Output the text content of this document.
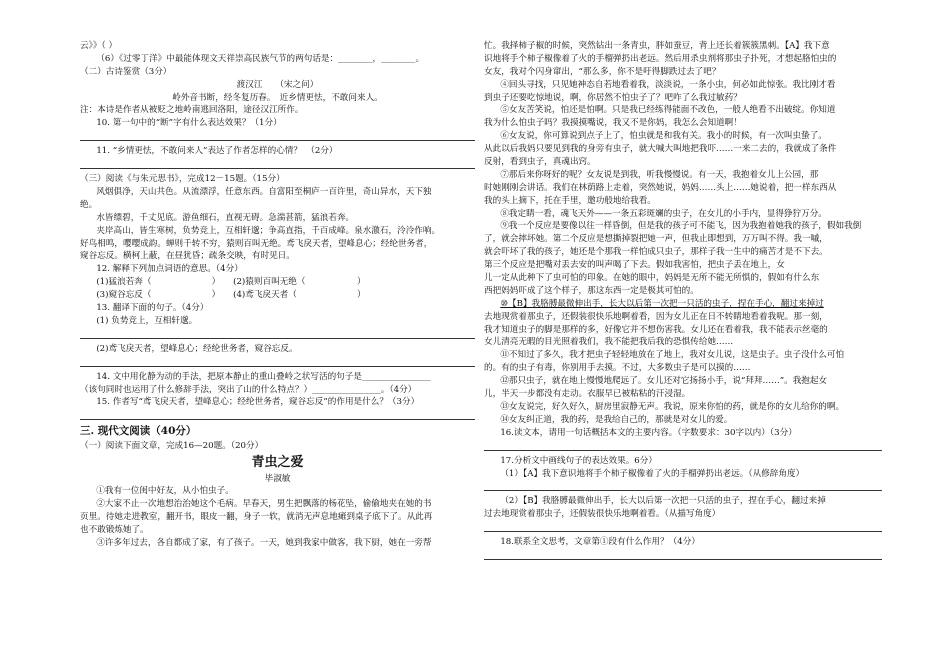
云》》（ ）

（6）《过零丁洋》中最能体现文天祥崇高民族气节的两句话是：________，________。

（二）古诗鉴赏（3分）

渡汉江　　（宋之问）

岭外音书断，经冬复历春。　近乡情更怯，不敢问来人。

注：本诗是作者从被贬之地岭南逃回洛阳，途径汉江所作。

10. 第一句中的“断”字有什么表达效果？（1分）

11. “乡情更怯，不敢问来人”表达了作者怎样的心情？　（2分）

（三）阅读《与朱元思书》，完成12－15题。（15分）

风烟俱净，天山共色。从流漂浮，任意东西。自富阳至桐庐一百许里，奇山异水，天下独

绝。

水皆缥碧，千丈见底。游鱼细石，直视无碍。急湍甚箭，猛浪若奔。

夹岸高山，皆生寒树，负势竞上，互相轩邈；争高直指，千百成峰。泉水激石，泠泠作响。

好鸟相鸣，嘤嘤成韵。蝉则千转不穷，猿则百叫无绝。鸢飞戾天者，望峰息心；经纶世务者，

窥谷忘反。横柯上蔽，在昼犹昏；疏条交映，有时见日。

12. 解释下列加点词语的意思。（4分）

(1)猛浪若奔（　　　　　　　）　　(2)猿则百叫无绝（　　　　　　）

(3)窥谷忘反（　　　　　　　）　　(4)鸢飞戾天者（　　　　　　　）

13. 翻译下面的句子。（4分）

(1) 负势竞上，互相轩邈。

(2)鸢飞戾天者，望峰息心；经纶世务者，窥谷忘反。

14. 文中用化静为动的手法，把原本静止的重山叠岭之状写活的句子是________________

（该句同时也运用了什么修辞手法，突出了山的什么特点？）________________。（4分）

15. 作者写“鸢飞戾天者，望峰息心；经纶世务者，窥谷忘反”的作用是什么？（3分）

三. 现代文阅读（40分）

（一）阅读下面文章，完成16—20题。（20分）

青虫之爱

毕淑敏

①我有一位闺中好友，从小怕虫子。

②大家不止一次地想治治她这个毛病。早春天，男生把飘落的杨花坠，偷偷地夹在她的书

页里。待她走进教室，翻开书，眼皮一翻，身子一软，就消无声息地瘫到桌子底下了。从此再

也不敢锻炼她了。

③许多年过去，各自都成了家，有了孩子。一天，她到我家中做客，我下厨，她在一旁帮

忙。我择柿子椒的时候，突然钻出一条青虫，胖如蚕豆，背上还长着簇簇黑刺。【A】我下意

识地将手个柿子椒像着了火的手榴弹扔出老远。然后用杀虫剂将那虫子扑死，才想起胳怕虫的

女友，我对个闪身窜出，“那么多，你不是吁得脚跌过去了吧？

④回头寻找，只见她神态自若地看着我，淡淡说，一条小虫，何必如此惊张。我比刚才看

到虫子还要吃惊地说，啊，你居然不怕虫子了？吧咋了么我过敏药？

⑤女友苦笑说，怕还是怕啊。只是我已经练得能面不改色，一般人绝看不出破绽。你知道

我为什么怕虫子吗？我摸摸嘴说，我又不是你妈，我怎么会知道啊！

⑥女友说，你可算说到点子上了，怕虫就是和我有关。我小的时候，有一次叫虫蛰了。

从此以后我妈只要见到我的身旁有虫子，就大喊大叫地把我吓……一来二去的，我就成了条件

反射，看到虫子，真魂出窍。

⑦那后来你呀好的呢？女友说是到我，听我慢慢说。有一天，我抱着女儿上公园，那

时她刚刚会讲话。我们在林荫路上走着，突然她说，妈妈……头上……她说着，把一样东西从

我的头上摘下，托在手里，邀功般地给我看。

⑧我定睛一看，魂飞天外——一条五彩斑斓的虫子，在女儿的小手内，显得狰狞万分。

⑨我一个反应是要像以往一样昏倒，但是我的孩子可不能飞，因为我抱着她我的孩子，假如我倒

了，就会摔坏她。第二个反应是想撕掉裂把她一声，但我止即想到，万万叫不得。我一嘁，

就会吓坏了我的孩子，她还是个那我一样怕成只虫子，那样子我一生中的痛苦才是不下去。

第三个反应是把嘴对丢去安的叫声喝了下去。假如我害怕，把虫子丢在地上，女

儿一定从此种下了虫可怕的印象。在她的眼中，妈妈是无所不能无所惧的，假如有什么东

西把妈妈吓成了这个样子，那这东西一定是极其可怕的。

⑩【B】我胳膊最微伸出手，长大以后第一次把一只活的虫子，捏在手心，翻过来掉过

去地现赏着那虫子，还假装很快乐地啊着看，因为女儿正在日不转睛地看着我呢。那一刻，

我才知道虫子的脚是那样的多，好像它并不想伤害我。女儿还在看着我，我不能表示丝毫的

女儿清亮无暇的目光照着我们，我不能把我后我的恐惧传给她……

⑪不知过了多久，我才把虫子轻轻地放在了地上，我对女儿说，这是虫子。虫子没什么可怕

的。有的虫子有毒，你别用手去摸。不过，大多数虫子是可以摸的……

⑫那只虫子，就在地上慢慢地爬远了。女儿还对它扬扬小手，说“拜拜……”。我抱起女

儿，半天一步都没有走动。衣服早已被粘粘的汗浸湿。

⑬女友说完，好久好久，厨房里寂静无声。我说，原来你怕的药，就是你的女儿给你的啊。

⑭女友纠正道，我的药，是我给自己的，那就是对女儿的爱。

16.读文本，请用一句话概括本文的主要内容。（字数要求：30字以内）（3分）

17.分析文中画线句子的表达效果。6分）

（1）【A】我下意识地将手个柿子椒像着了火的手榴弹扔出老远。（从修辞角度）

（2）【B】我胳膊最微伸出手，长大以后第一次把一只活的虫子，捏在手心，翻过来掉

过去地现赏着那虫子，还假装很快乐地啊着看。（从描写角度）

18.联系全文思考，文章第①段有什么作用？（4分）
